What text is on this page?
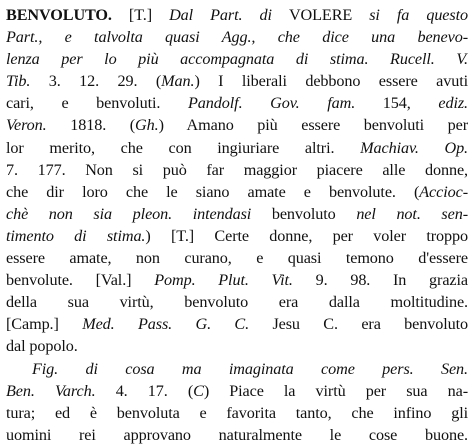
BENVOLUTO. [T.] Dal Part. di VOLERE si fa questo
Part., e talvolta quasi Agg., che dice una benevo-
lenza per lo più accompagnata di stima. Rucell. V.
Tib. 3. 12. 29. (Man.) I liberali debbono essere avuti
cari, e benvoluti. Pandolf. Gov. fam. 154, ediz.
Veron. 1818. (Gh.) Amano più essere benvoluti per
lor merito, che con ingiuriare altri. Machiav. Op.
7. 177. Non si può far maggior piacere alle donne,
che dir loro che le siano amate e benvolute. (Accioc-
chè non sia pleon. intendasi benvoluto nel not. sen-
timento di stima.) [T.] Certe donne, per voler troppo
essere amate, non curano, e quasi temono d'essere
benvolute. [Val.] Pomp. Plut. Vit. 9. 98. In grazia
della sua virtù, benvoluto era dalla moltitudine.
[Camp.] Med. Pass. G. C. Jesu C. era benvoluto
dal popolo.
Fig. di cosa ma imaginata come pers. Sen.
Ben. Varch. 4. 17. (C) Piace la virtù per sua na-
tura; ed è benvoluta e favorita tanto, che infino gli
uomini rei approvano naturalmente le cose buone.
